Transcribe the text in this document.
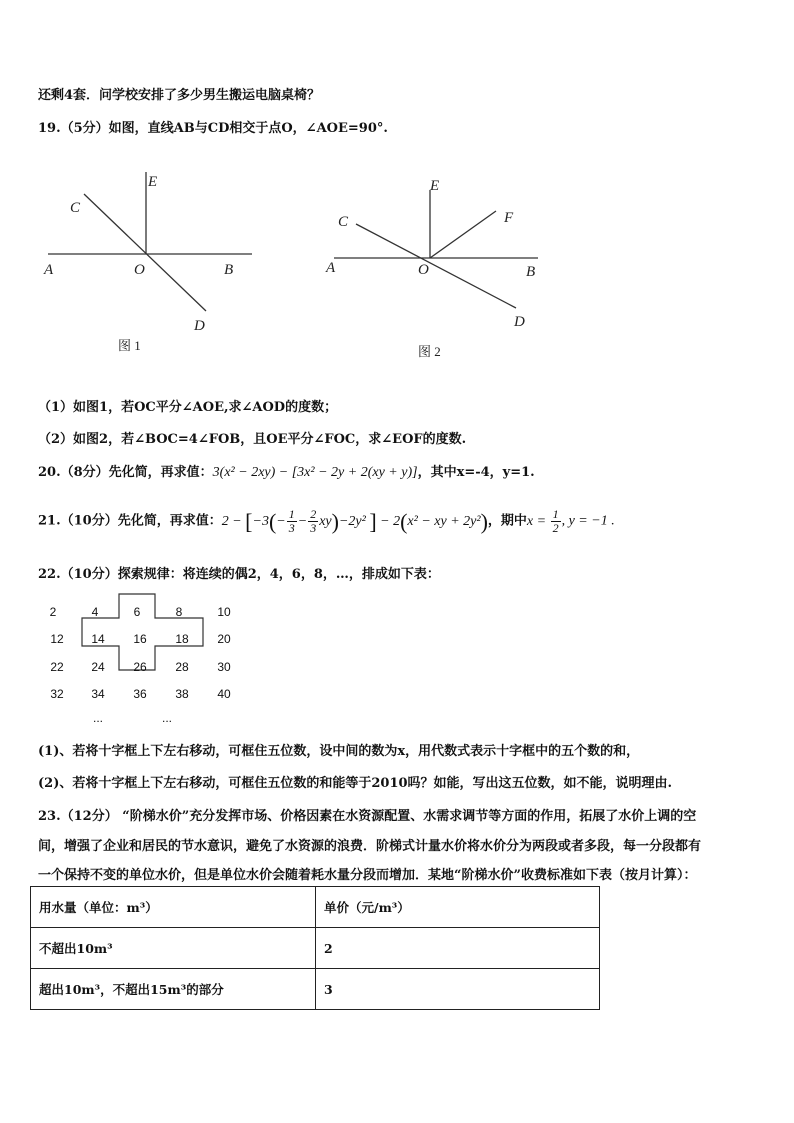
还剩4套．问学校安排了多少男生搬运电脑桌椅？
19.（5分）如图，直线AB与CD相交于点O，∠AOE=90°.
E
C
A	O	B
D
图 1
E
F
C
A	O	B
D
图 2
（1）如图1，若OC平分∠AOE,求∠AOD的度数；
（2）如图2，若∠BOC=4∠FOB，且OE平分∠FOC，求∠EOF的度数.
20.（8分）先化简，再求值：3(x² − 2xy) − [3x² − 2y + 2(xy + y)]，其中x=-4，y=1.
21.（10分）先化简，再求值：$2 - [-3(- \frac{1}{3} - \frac{2}{3} xy)-2y^2$ ] − 2(x² − xy + 2y²)，期中$x = \frac{1}{2}$ , y = −1 .
22.（10分）探索规律：将连续的偶2，4，6，8，…，排成如下表：
2	4	6	8	10
12	14	16	18	20
22	24	26	28	30
32	34	36	38	40
...	...
(1)、若将十字框上下左右移动，可框住五位数，设中间的数为x，用代数式表示十字框中的五个数的和，
(2)、若将十字框上下左右移动，可框住五位数的和能等于2010吗？如能，写出这五位数，如不能，说明理由.
23.（12分） “阶梯水价”充分发挥市场、价格因素在水资源配置、水需求调节等方面的作用，拓展了水价上调的空
间，增强了企业和居民的节水意识，避免了水资源的浪费．阶梯式计量水价将水价分为两段或者多段，每一分段都有
一个保持不变的单位水价，但是单位水价会随着耗水量分段而增加．某地“阶梯水价”收费标准如下表（按月计算）：
用水量（单位：m³）	单价（元/m³）
不超出10m³	2
超出10m³，不超出15m³的部分	3
